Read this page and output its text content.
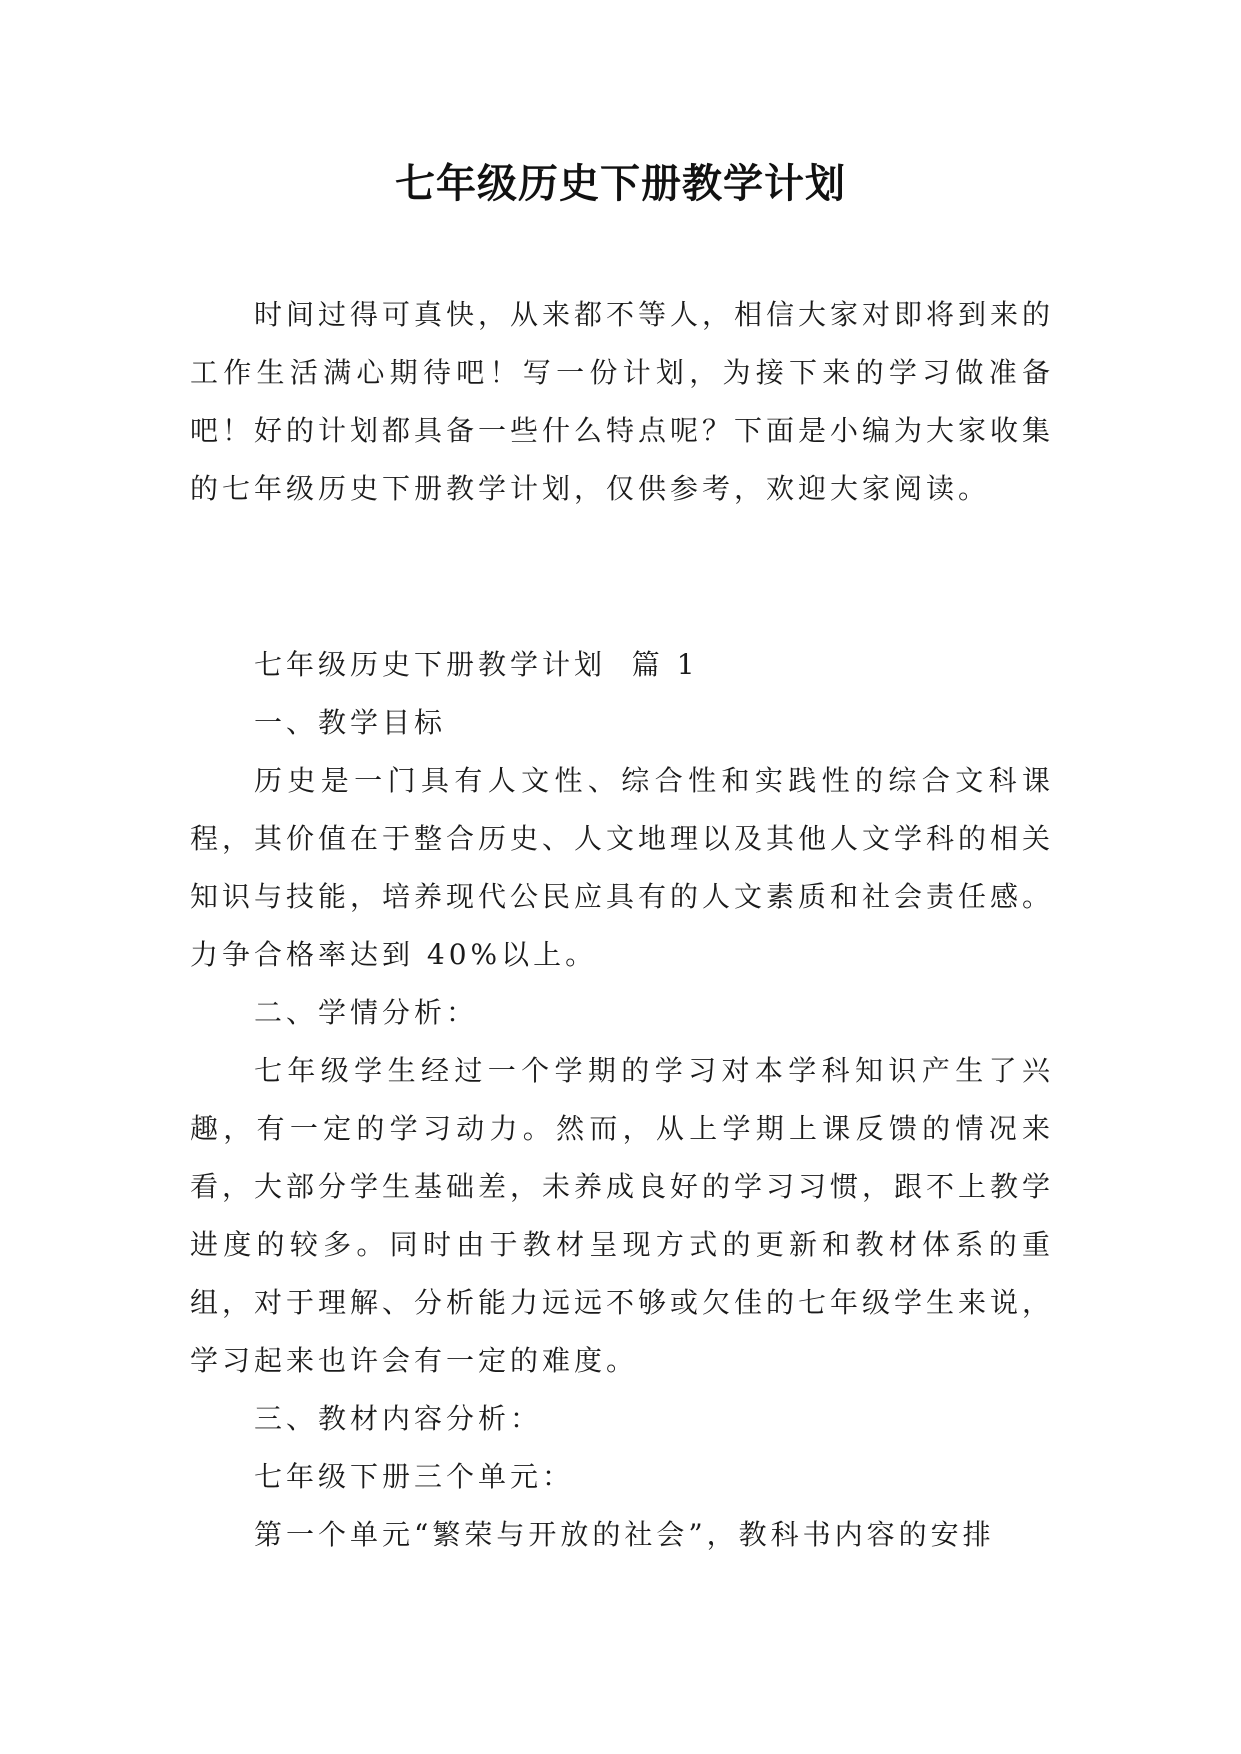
七年级历史下册教学计划

时间过得可真快，从来都不等人，相信大家对即将到来的工作生活满心期待吧！写一份计划，为接下来的学习做准备吧！好的计划都具备一些什么特点呢？下面是小编为大家收集的七年级历史下册教学计划，仅供参考，欢迎大家阅读。

七年级历史下册教学计划  篇 1

一、教学目标

历史是一门具有人文性、综合性和实践性的综合文科课程，其价值在于整合历史、人文地理以及其他人文学科的相关知识与技能，培养现代公民应具有的人文素质和社会责任感。力争合格率达到 40%以上。

二、学情分析：

七年级学生经过一个学期的学习对本学科知识产生了兴趣，有一定的学习动力。然而，从上学期上课反馈的情况来看，大部分学生基础差，未养成良好的学习习惯，跟不上教学进度的较多。同时由于教材呈现方式的更新和教材体系的重组，对于理解、分析能力远远不够或欠佳的七年级学生来说，学习起来也许会有一定的难度。

三、教材内容分析：

七年级下册三个单元：

第一个单元“繁荣与开放的社会”，教科书内容的安排
